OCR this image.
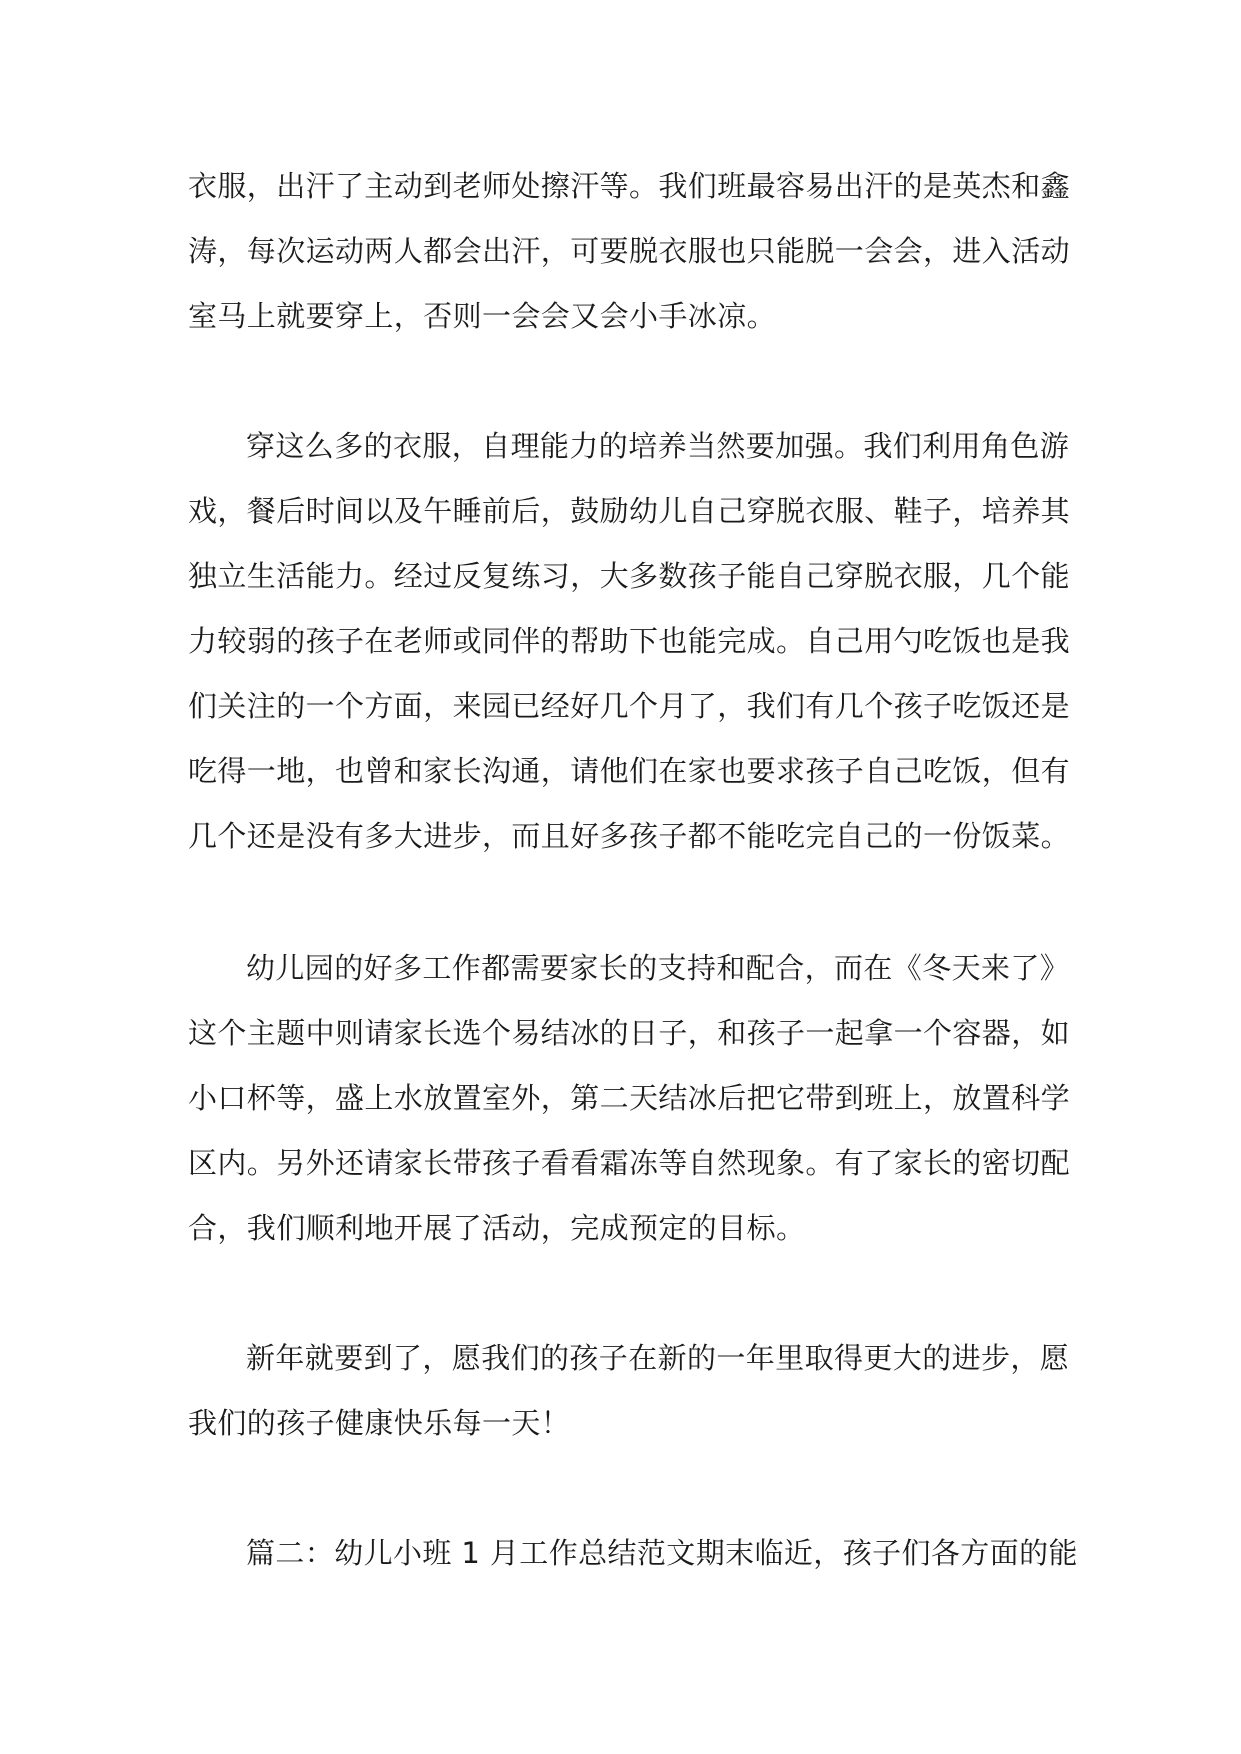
衣服，出汗了主动到老师处擦汗等。我们班最容易出汗的是英杰和鑫
涛，每次运动两人都会出汗，可要脱衣服也只能脱一会会，进入活动
室马上就要穿上，否则一会会又会小手冰凉。
穿这么多的衣服，自理能力的培养当然要加强。我们利用角色游
戏，餐后时间以及午睡前后，鼓励幼儿自己穿脱衣服、鞋子，培养其
独立生活能力。经过反复练习，大多数孩子能自己穿脱衣服，几个能
力较弱的孩子在老师或同伴的帮助下也能完成。自己用勺吃饭也是我
们关注的一个方面，来园已经好几个月了，我们有几个孩子吃饭还是
吃得一地，也曾和家长沟通，请他们在家也要求孩子自己吃饭，但有
几个还是没有多大进步，而且好多孩子都不能吃完自己的一份饭菜。
幼儿园的好多工作都需要家长的支持和配合，而在《冬天来了》
这个主题中则请家长选个易结冰的日子，和孩子一起拿一个容器，如
小口杯等，盛上水放置室外，第二天结冰后把它带到班上，放置科学
区内。另外还请家长带孩子看看霜冻等自然现象。有了家长的密切配
合，我们顺利地开展了活动，完成预定的目标。
新年就要到了，愿我们的孩子在新的一年里取得更大的进步，愿
我们的孩子健康快乐每一天！
篇二：幼儿小班 1 月工作总结范文期末临近，孩子们各方面的能
